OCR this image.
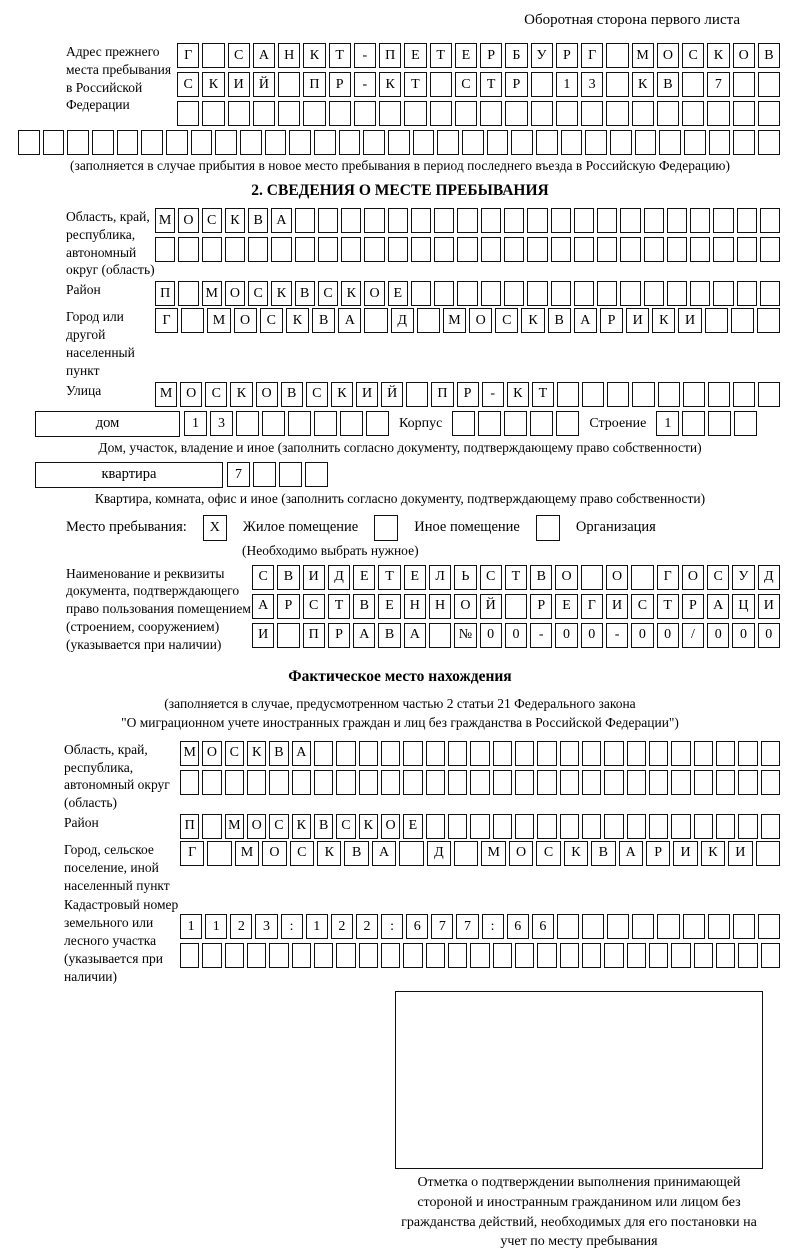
Оборотная сторона первого листа
Адрес прежнего места пребывания в Российской Федерации
Г	С	А	Н	К	Т	-	П	Е	Т	Е	Р	Б	У	Р	Г	М О	С	К	О	В
С	К	И	Й	П	Р	-	К	Т	С	Т	Р	1	3	К	В	7
(заполняется в случае прибытия в новое место пребывания в период последнего въезда в Российскую Федерацию)
2. СВЕДЕНИЯ О МЕСТЕ ПРЕБЫВАНИЯ
Область, край, республика, автономный округ (область)
М О С К В А
Район	П	М О С К В С К О Е
Город или другой населенный пункт
Г	М	О	С	К	В	А	Д	М	О	С	К	В	А	Р	И	К	И
Улица	М О	С	К	О	В	С	К	И	Й	П	Р	-	К	Т
дом	1	3	Корпус	Строение	1
Дом, участок, владение и иное (заполнить согласно документу, подтверждающему право собственности)
квартира	7
Квартира, комната, офис и иное (заполнить согласно документу, подтверждающему право собственности)
Место пребывания:	X	Жилое помещение	Иное помещение	Организация
(Необходимо выбрать нужное)
Наименование и реквизиты документа, подтверждающего право пользования помещением (строением, сооружением) (указывается при наличии)
С	В	И	Д	Е	Т	Е	Л	Ь	С	Т	В	О	О	Г	О	С	У	Д
А	Р	С	Т	В	Е	Н	Н	О	Й	Р	Е	Г	И	С	Т	Р	А	Ц	И
И	П	Р	А	В	А	№	0	0	-	0	0	-	0	0	/	0	0	0
Фактическое место нахождения
(заполняется в случае, предусмотренном частью 2 статьи 21 Федерального закона
"О миграционном учете иностранных граждан и лиц без гражданства в Российской Федерации")
Область, край, республика, автономный округ (область)
М О С К В А
Район	П	М О С К В С К О Е
Город, сельское поселение, иной населенный пункт
Г	М	О	С	К	В	А	Д	М	О	С	К	В	А	Р	И	К	И
Кадастровый номер земельного или лесного участка (указывается при наличии)
1	1	2	3	:	1	2	2	:	6	7	7	:	6	6
Отметка о подтверждении выполнения принимающей стороной и иностранным гражданином или лицом без гражданства действий, необходимых для его постановки на учет по месту пребывания
